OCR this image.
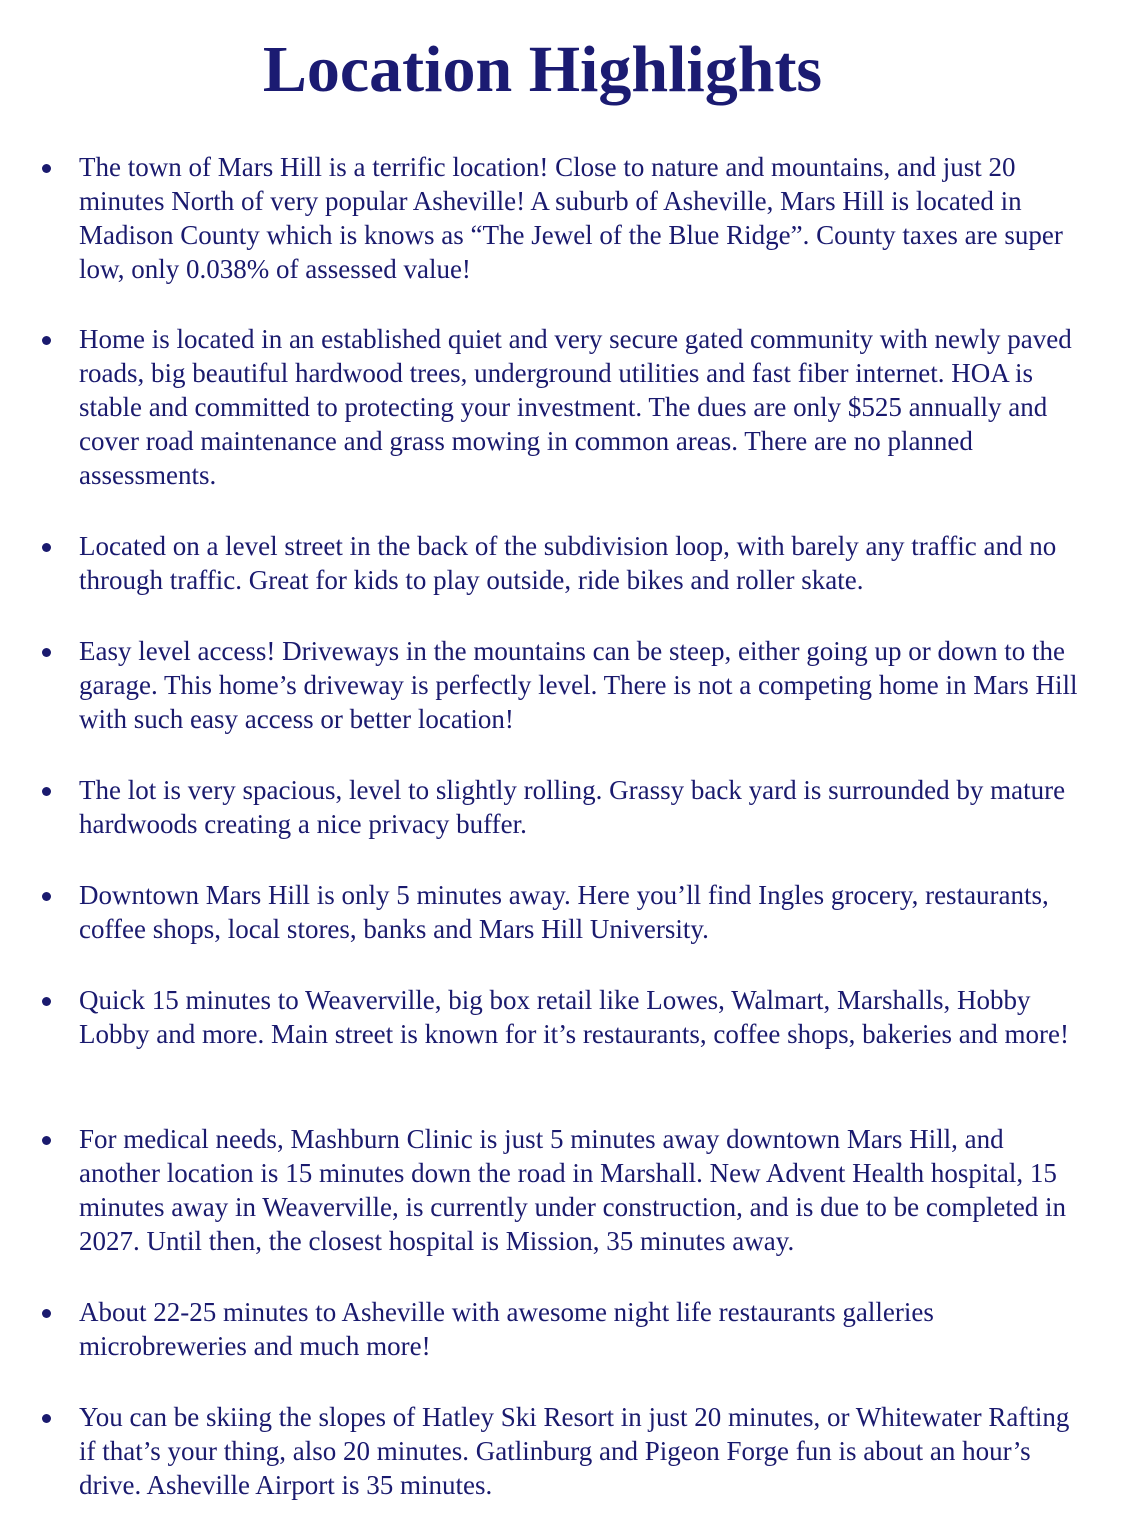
Location Highlights
The town of Mars Hill is a terrific location! Close to nature and mountains, and just 20 minutes North of very popular Asheville! A suburb of Asheville, Mars Hill is located in Madison County which is knows as “The Jewel of the Blue Ridge”. County taxes are super low, only 0.038% of assessed value!
Home is located in an established quiet and very secure gated community with newly paved roads, big beautiful hardwood trees, underground utilities and fast fiber internet. HOA is stable and committed to protecting your investment. The dues are only $525 annually and cover road maintenance and grass mowing in common areas. There are no planned assessments.
Located on a level street in the back of the subdivision loop, with barely any traffic and no through traffic. Great for kids to play outside, ride bikes and roller skate.
Easy level access! Driveways in the mountains can be steep, either going up or down to the garage. This home’s driveway is perfectly level. There is not a competing home in Mars Hill with such easy access or better location!
The lot is very spacious, level to slightly rolling. Grassy back yard is surrounded by mature hardwoods creating a nice privacy buffer.
Downtown Mars Hill is only 5 minutes away. Here you’ll find Ingles grocery, restaurants, coffee shops, local stores, banks and Mars Hill University.
Quick 15 minutes to Weaverville, big box retail like Lowes, Walmart, Marshalls, Hobby Lobby and more. Main street is known for it’s restaurants, coffee shops, bakeries and more!
For medical needs, Mashburn Clinic is just 5 minutes away downtown Mars Hill, and another location is 15 minutes down the road in Marshall. New Advent Health hospital, 15 minutes away in Weaverville, is currently under construction, and is due to be completed in 2027. Until then, the closest hospital is Mission, 35 minutes away.
About 22-25 minutes to Asheville with awesome night life restaurants galleries microbreweries and much more!
You can be skiing the slopes of Hatley Ski Resort in just 20 minutes, or Whitewater Rafting if that’s your thing, also 20 minutes. Gatlinburg and Pigeon Forge fun is about an hour’s drive. Asheville Airport is 35 minutes.
